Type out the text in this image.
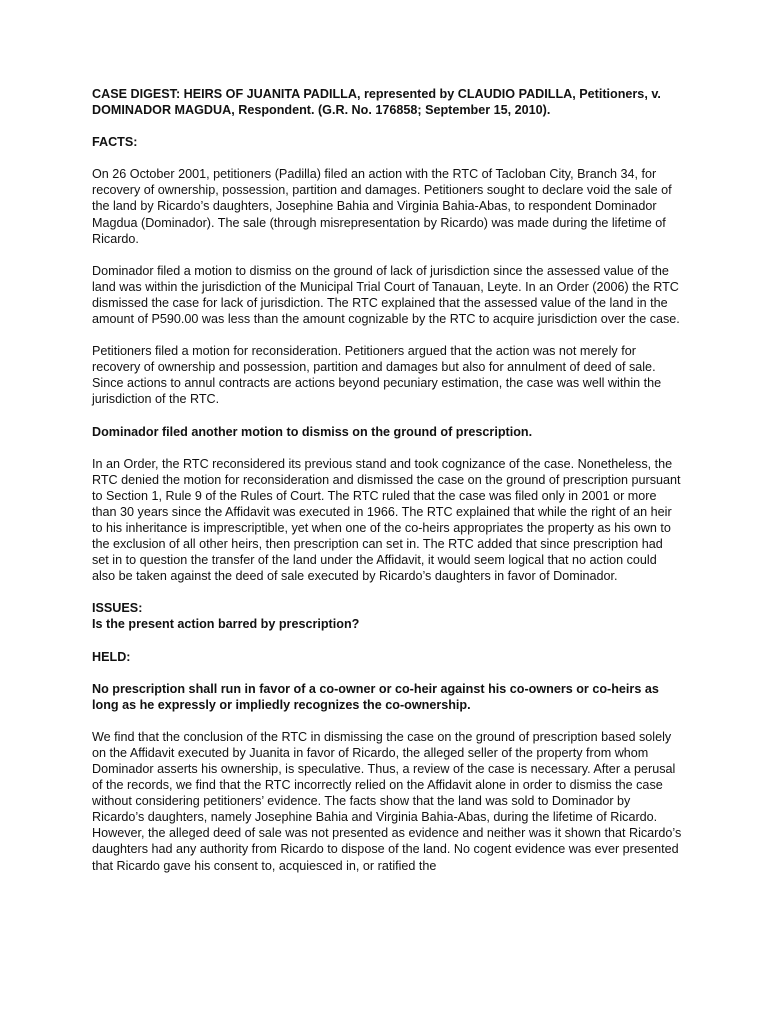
CASE DIGEST: HEIRS OF JUANITA PADILLA, represented by CLAUDIO PADILLA, Petitioners, v. DOMINADOR MAGDUA, Respondent. (G.R. No. 176858; September 15, 2010).

FACTS:

On 26 October 2001, petitioners (Padilla) filed an action with the RTC of Tacloban City, Branch 34, for recovery of ownership, possession, partition and damages. Petitioners sought to declare void the sale of the land by Ricardo’s daughters, Josephine Bahia and Virginia Bahia-Abas, to respondent Dominador Magdua (Dominador). The sale (through misrepresentation by Ricardo) was made during the lifetime of Ricardo.

Dominador filed a motion to dismiss on the ground of lack of jurisdiction since the assessed value of the land was within the jurisdiction of the Municipal Trial Court of Tanauan, Leyte. In an Order (2006) the RTC dismissed the case for lack of jurisdiction. The RTC explained that the assessed value of the land in the amount of P590.00 was less than the amount cognizable by the RTC to acquire jurisdiction over the case.

Petitioners filed a motion for reconsideration. Petitioners argued that the action was not merely for recovery of ownership and possession, partition and damages but also for annulment of deed of sale. Since actions to annul contracts are actions beyond pecuniary estimation, the case was well within the jurisdiction of the RTC.

Dominador filed another motion to dismiss on the ground of prescription.

In an Order, the RTC reconsidered its previous stand and took cognizance of the case. Nonetheless, the RTC denied the motion for reconsideration and dismissed the case on the ground of prescription pursuant to Section 1, Rule 9 of the Rules of Court. The RTC ruled that the case was filed only in 2001 or more than 30 years since the Affidavit was executed in 1966. The RTC explained that while the right of an heir to his inheritance is imprescriptible, yet when one of the co-heirs appropriates the property as his own to the exclusion of all other heirs, then prescription can set in. The RTC added that since prescription had set in to question the transfer of the land under the Affidavit, it would seem logical that no action could also be taken against the deed of sale executed by Ricardo’s daughters in favor of Dominador.

ISSUES:

Is the present action barred by prescription?

HELD:

No prescription shall run in favor of a co-owner or co-heir against his co-owners or co-heirs as long as he expressly or impliedly recognizes the co-ownership.

We find that the conclusion of the RTC in dismissing the case on the ground of prescription based solely on the Affidavit executed by Juanita in favor of Ricardo, the alleged seller of the property from whom Dominador asserts his ownership, is speculative. Thus, a review of the case is necessary. After a perusal of the records, we find that the RTC incorrectly relied on the Affidavit alone in order to dismiss the case without considering petitioners’ evidence. The facts show that the land was sold to Dominador by Ricardo’s daughters, namely Josephine Bahia and Virginia Bahia-Abas, during the lifetime of Ricardo. However, the alleged deed of sale was not presented as evidence and neither was it shown that Ricardo’s daughters had any authority from Ricardo to dispose of the land. No cogent evidence was ever presented that Ricardo gave his consent to, acquiesced in, or ratified the
